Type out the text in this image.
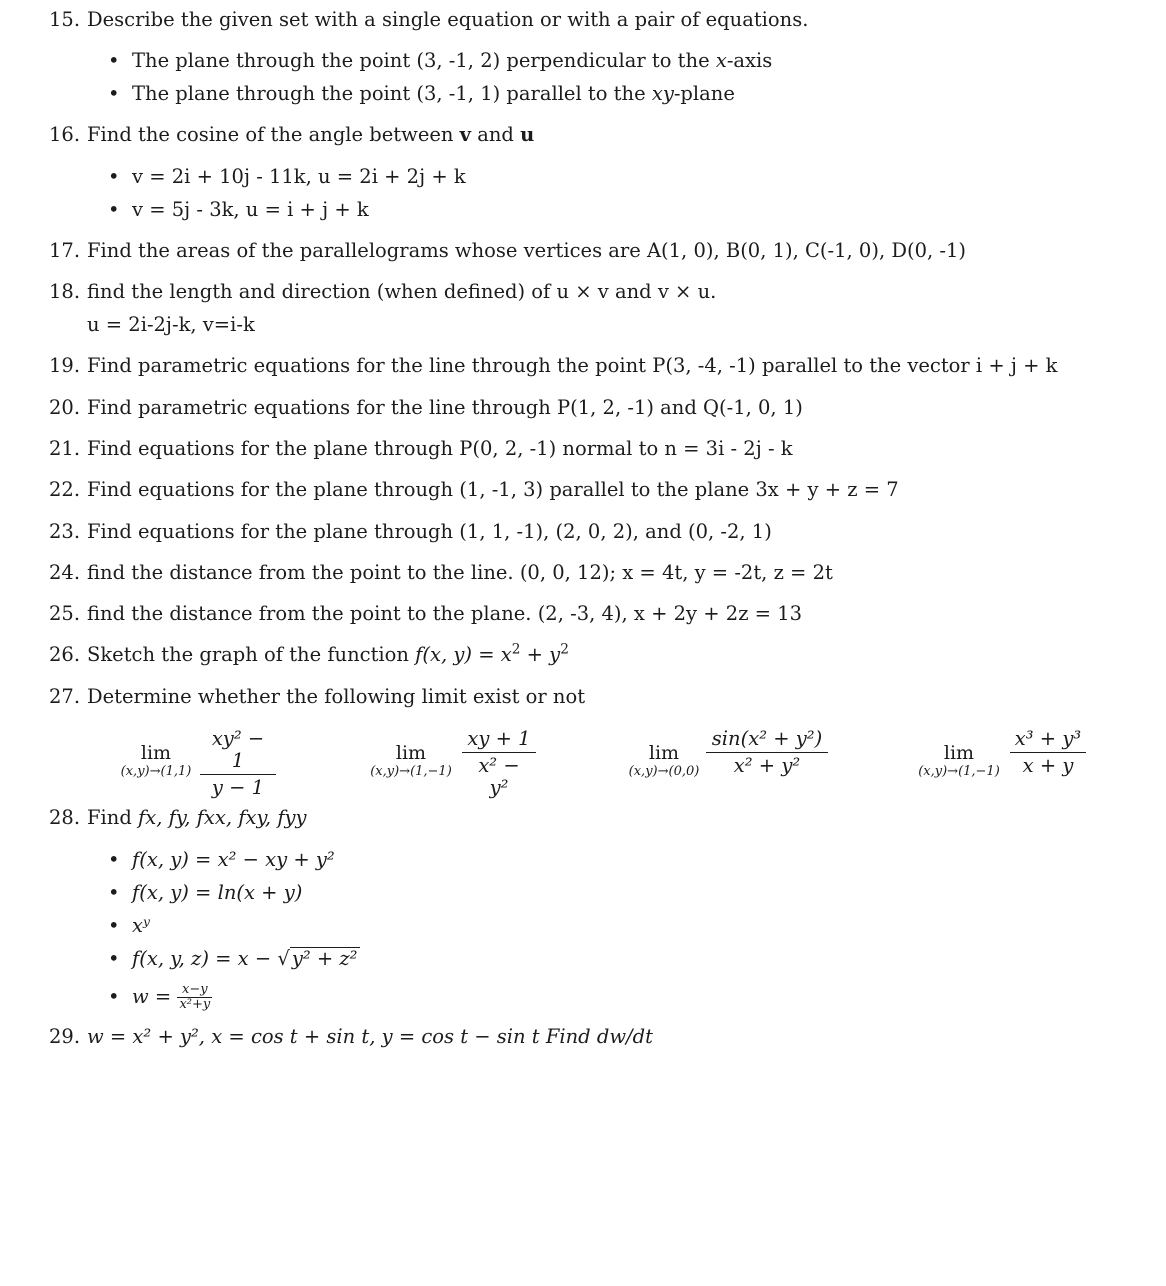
15. Describe the given set with a single equation or with a pair of equations.
• The plane through the point (3, -1, 2) perpendicular to the x-axis
• The plane through the point (3, -1, 1) parallel to the xy-plane
16. Find the cosine of the angle between v and u
• v = 2i + 10j - 11k, u = 2i + 2j + k
• v = 5j - 3k, u = i + j + k
17. Find the areas of the parallelograms whose vertices are A(1, 0), B(0, 1), C(-1, 0), D(0, -1)
18. find the length and direction (when defined) of u × v and v × u.
u = 2i-2j-k, v=i-k
19. Find parametric equations for the line through the point P(3, -4, -1) parallel to the vector i + j + k
20. Find parametric equations for the line through P(1, 2, -1) and Q(-1, 0, 1)
21. Find equations for the plane through P(0, 2, -1) normal to n = 3i - 2j - k
22. Find equations for the plane through (1, -1, 3) parallel to the plane 3x + y + z = 7
23. Find equations for the plane through (1, 1, -1), (2, 0, 2), and (0, -2, 1)
24. find the distance from the point to the line. (0, 0, 12); x = 4t, y = -2t, z = 2t
25. find the distance from the point to the plane. (2, -3, 4), x + 2y + 2z = 13
26. Sketch the graph of the function f(x, $y) = x^2 + y^2$
27. Determine whether the following limit exist or not
lim
$(x,y)\to(1,1) \frac{\text{xy² − 1}}{y - 1}$	lim
$(x,y)\to(1,-1) \frac{xy + 1}{\text{x² − y²}}$	lim
$(x,y)\to(0,0) \frac{\text{sin(x² + y²)}}{\text{x² + y²}}$	lim
$(x,y)\to(1,-1) \frac{\text{x³ + y³}}{x + y}$
28. Find fx, fy, fxx, fxy, fyy
• f(x, y) = x² − xy + y²
• f(x, y) = ln(x + y)
• xʸ
• f(x, y, z) = x − √ y² + z²
• $w = \frac{x-y}{\text{x²+y}}$
29. w = x² + y², x = cos t + sin t, y = cos t − sin t Find dw/dt
